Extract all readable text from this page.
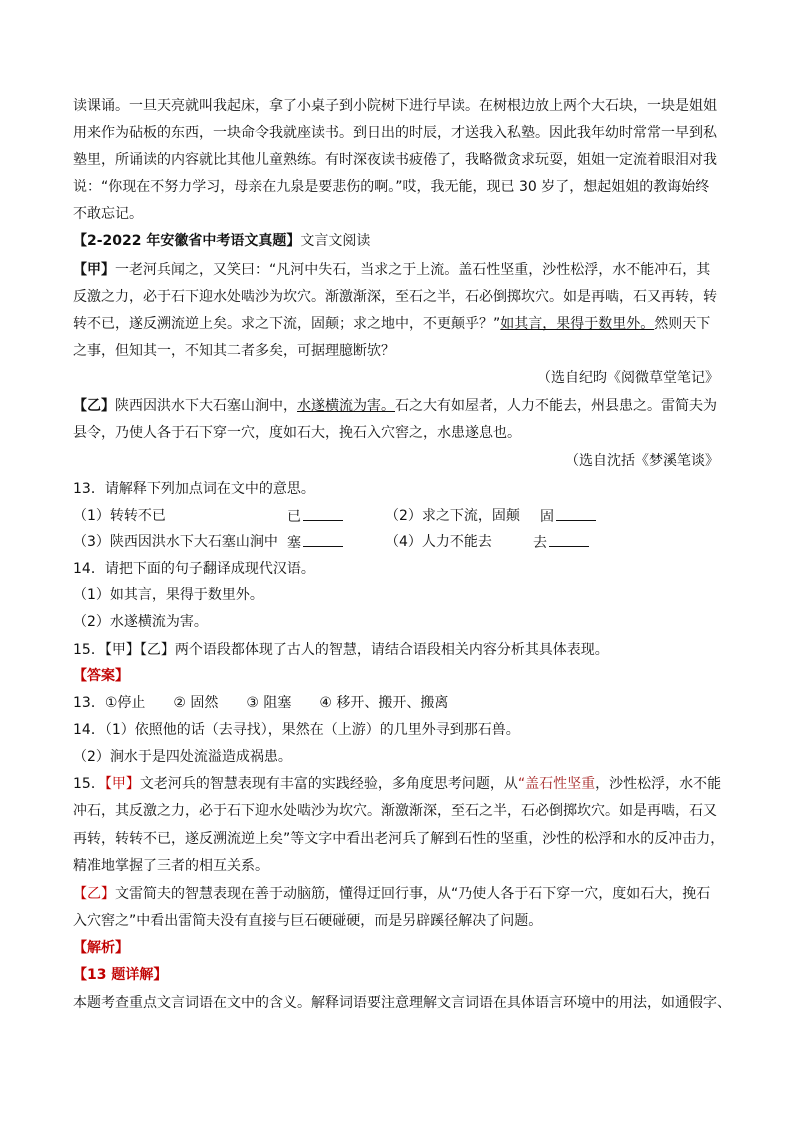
读课诵。一旦天亮就叫我起床，拿了小桌子到小院树下进行早读。在树根边放上两个大石块，一块是姐姐
用来作为砧板的东西，一块命令我就座读书。到日出的时辰，才送我入私塾。因此我年幼时常常一早到私
塾里，所诵读的内容就比其他儿童熟练。有时深夜读书疲倦了，我略微贪求玩耍，姐姐一定流着眼泪对我
说：“你现在不努力学习，母亲在九泉是要悲伤的啊。”哎，我无能，现已 30 岁了，想起姐姐的教诲始终
不敢忘记。
【2-2022 年安徽省中考语文真题】文言文阅读
【甲】一老河兵闻之，又笑曰：“凡河中失石，当求之于上流。盖石性坚重，沙性松浮，水不能冲石，其
反激之力，必于石下迎水处啮沙为坎穴。渐激渐深，至石之半，石必倒掷坎穴。如是再啮，石又再转，转
转不已，遂反溯流逆上矣。求之下流，固颠；求之地中，不更颠乎？”如其言，果得于数里外。然则天下
之事，但知其一，不知其二者多矣，可据理臆断欤？
（选自纪昀《阅微草堂笔记》
【乙】陕西因洪水下大石塞山涧中，水遂横流为害。石之大有如屋者，人力不能去，州县患之。雷简夫为
县令，乃使人各于石下穿一穴，度如石大，挽石入穴窖之，水患遂息也。
（选自沈括《梦溪笔谈》
13．请解释下列加点词在文中的意思。
（1）转转不已	已	（2）求之下流，固颠 固
（3）陕西因洪水下大石塞山涧中 塞	（4）人力不能去	去
14．请把下面的句子翻译成现代汉语。
（1）如其言，果得于数里外。
（2）水遂横流为害。
15．【甲】【乙】两个语段都体现了古人的智慧，请结合语段相关内容分析其具体表现。
【答案】
13．①停止　　② 固然　　③ 阻塞　　④ 移开、搬开、搬离
14．（1）依照他的话（去寻找），果然在（上游）的几里外寻到那石兽。
（2）涧水于是四处流溢造成祸患。
15．【甲】文老河兵的智慧表现有丰富的实践经验，多角度思考问题，从“盖石性坚重，沙性松浮，水不能
冲石，其反激之力，必于石下迎水处啮沙为坎穴。渐激渐深，至石之半，石必倒掷坎穴。如是再啮，石又
再转，转转不已，遂反溯流逆上矣”等文字中看出老河兵了解到石性的坚重，沙性的松浮和水的反冲击力，
精准地掌握了三者的相互关系。
【乙】文雷简夫的智慧表现在善于动脑筋，懂得迂回行事，从“乃使人各于石下穿一穴，度如石大，挽石
入穴窖之”中看出雷简夫没有直接与巨石硬碰硬，而是另辟蹊径解决了问题。
【解析】
【13 题详解】
本题考查重点文言词语在文中的含义。解释词语要注意理解文言词语在具体语言环境中的用法，如通假字、
